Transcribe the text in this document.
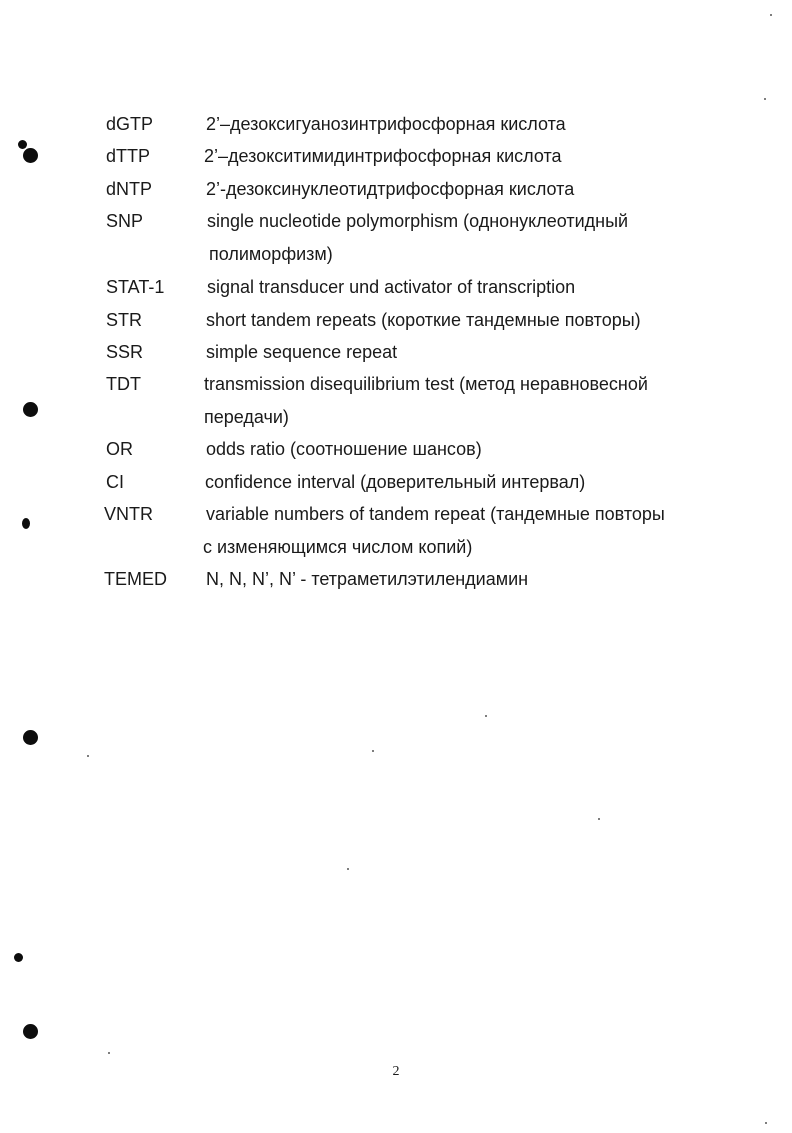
dGTP	2’–дезоксигуанозинтрифосфорная кислота
dTTP	2’–дезокситимидинтрифосфорная кислота
dNTP	2’-дезоксинуклеотидтрифосфорная кислота
SNP	single nucleotide polymorphism (однонуклеотидный
полиморфизм)
STAT-1 signal transducer und activator of transcription
STR	short tandem repeats (короткие тандемные повторы)
SSR	simple sequence repeat
TDT	transmission disequilibrium test (метод неравновесной
передачи)
OR	odds ratio (соотношение шансов)
CI	confidence interval (доверительный интервал)
VNTR	variable numbers of tandem repeat (тандемные повторы
с изменяющимся числом копий)
TEMED N, N, N’, N’ - тетраметилэтилендиамин
2
